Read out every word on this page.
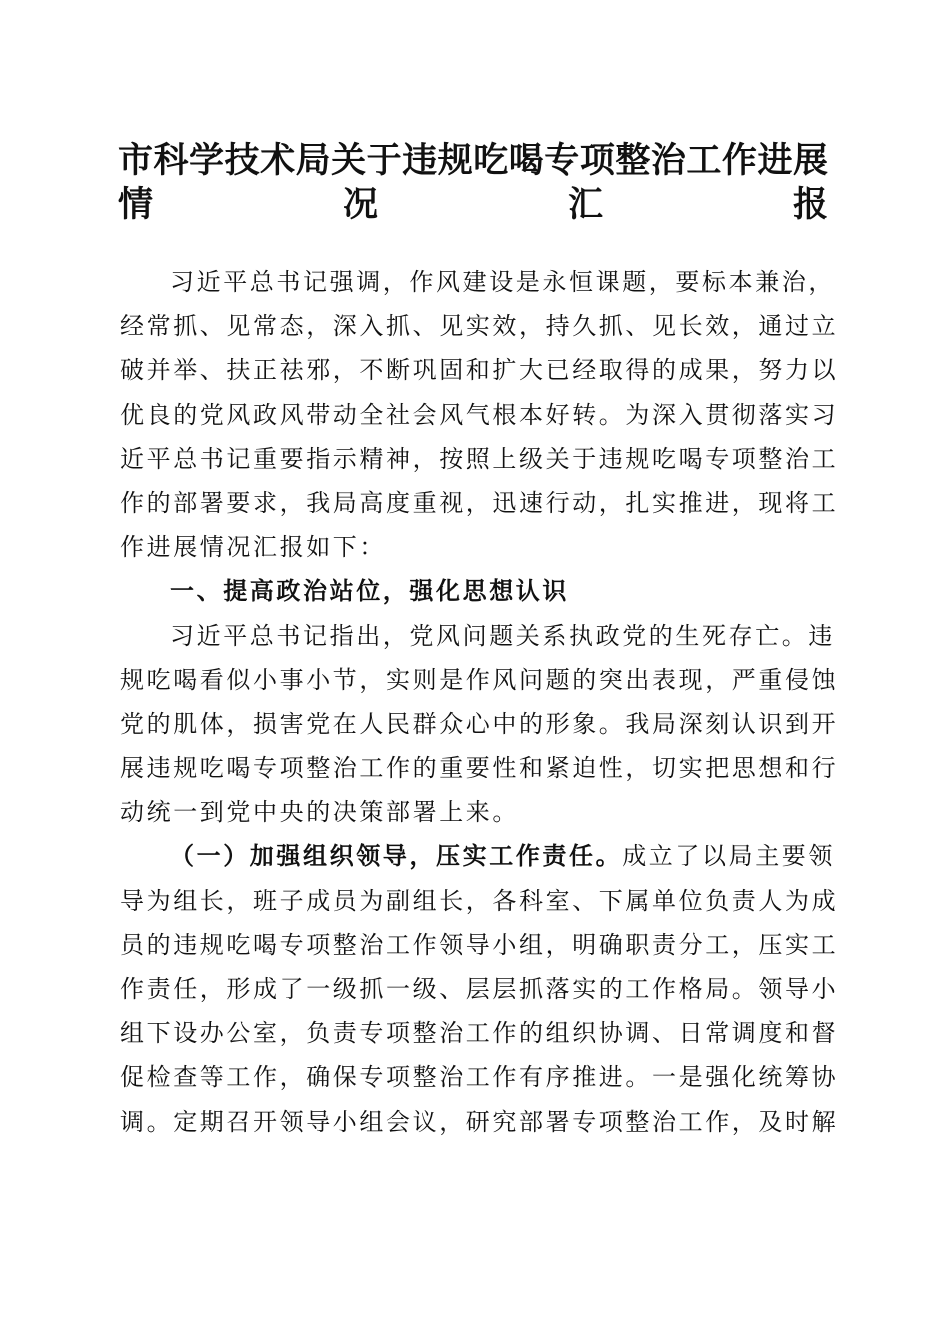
市科学技术局关于违规吃喝专项整治工作进展
情况汇报
习近平总书记强调，作风建设是永恒课题，要标本兼治，
经常抓、见常态，深入抓、见实效，持久抓、见长效，通过立
破并举、扶正祛邪，不断巩固和扩大已经取得的成果，努力以
优良的党风政风带动全社会风气根本好转。为深入贯彻落实习
近平总书记重要指示精神，按照上级关于违规吃喝专项整治工
作的部署要求，我局高度重视，迅速行动，扎实推进，现将工
作进展情况汇报如下：
一、提高政治站位，强化思想认识
习近平总书记指出，党风问题关系执政党的生死存亡。违
规吃喝看似小事小节，实则是作风问题的突出表现，严重侵蚀
党的肌体，损害党在人民群众心中的形象。我局深刻认识到开
展违规吃喝专项整治工作的重要性和紧迫性，切实把思想和行
动统一到党中央的决策部署上来。
（一）加强组织领导，压实工作责任。成立了以局主要领
导为组长，班子成员为副组长，各科室、下属单位负责人为成
员的违规吃喝专项整治工作领导小组，明确职责分工，压实工
作责任，形成了一级抓一级、层层抓落实的工作格局。领导小
组下设办公室，负责专项整治工作的组织协调、日常调度和督
促检查等工作，确保专项整治工作有序推进。一是强化统筹协
调。定期召开领导小组会议，研究部署专项整治工作，及时解
